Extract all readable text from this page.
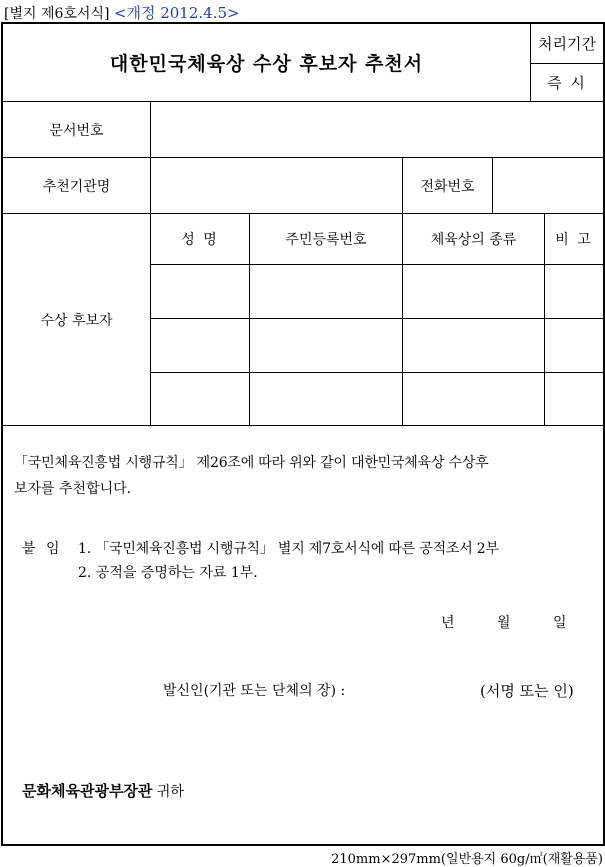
[별지 제6호서식] <개정 2012.4.5>
대한민국체육상 수상 후보자 추천서
처리기간
즉 시
문서번호
추천기관명	전화번호
수상 후보자
성 명	주민등록번호	체육상의 종류	비 고
「국민체육진흥법 시행규칙」 제26조에 따라 위와 같이 대한민국체육상 수상후
보자를 추천합니다.
붙 임	1. 「국민체육진흥법 시행규칙」 별지 제7호서식에 따른 공적조서 2부
2. 공적을 증명하는 자료 1부.
년	월	일
발신인(기관 또는 단체의 장) :	(서명 또는 인)
문화체육관광부장관 귀하
210mm×297mm(일반용지 60g/㎡(재활용품)
